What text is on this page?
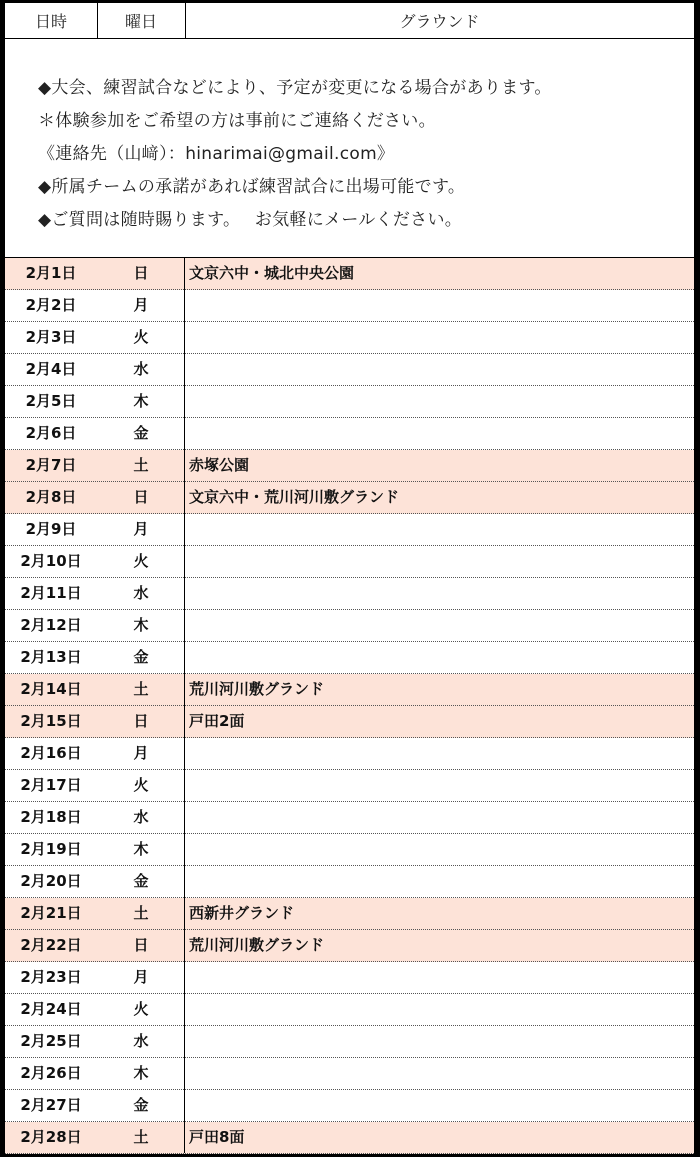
日時	曜日	グラウンド
◆大会、練習試合などにより、予定が変更になる場合があります。
＊体験参加をご希望の方は事前にご連絡ください。
《連絡先（山﨑）：hinarimai@gmail.com》
◆所属チームの承諾があれば練習試合に出場可能です。
◆ご質問は随時賜ります。　 お気軽にメールください。
2月1日	日	文京六中・城北中央公園
2月2日	月
2月3日	火
2月4日	水
2月5日	木
2月6日	金
2月7日	土	赤塚公園
2月8日	日	文京六中・荒川河川敷グランド
2月9日	月
2月10日	火
2月11日	水
2月12日	木
2月13日	金
2月14日	土	荒川河川敷グランド
2月15日	日	戸田2面
2月16日	月
2月17日	火
2月18日	水
2月19日	木
2月20日	金
2月21日	土	西新井グランド
2月22日	日	荒川河川敷グランド
2月23日	月
2月24日	火
2月25日	水
2月26日	木
2月27日	金
2月28日	土	戸田8面
